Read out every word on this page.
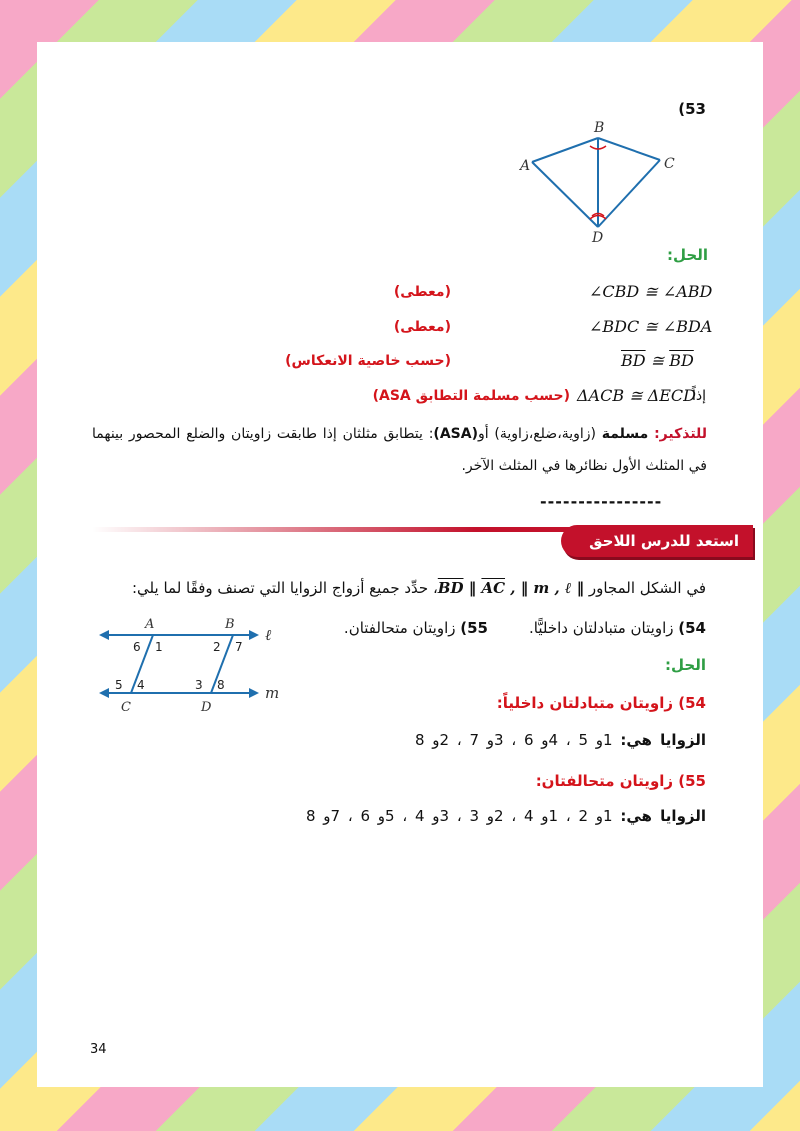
(53
B
A	C
D
الحل:
∠CBD ≅ ∠ABD
(معطى)
∠BDC ≅ ∠BDA
(معطى)
$\overline{BD}$ ≅ $\overline{BD}$
(حسب خاصية الانعكاس)
إذاً
ΔACB ≅ ΔECD
(حسب مسلمة التطابق ASA)
للتذكير: مسلمة (زاوية،ضلع،زاوية) أو(ASA): يتطابق مثلثان إذا طابقت زاويتان والضلع المحصور بينهما في المثلث الأول نظائرها في المثلث الآخر.
----------------
استعد للدرس اللاحق
في الشكل المجاور $\overline{BD}$ ‖ $\overline{AC}$ , ‖ m , ℓ ‖، حدِّد جميع أزواج الزوايا التي تصنف وفقًا لما يلي:
54) زاويتان متبادلتان داخليًّا.
55) زاويتان متحالفتان.
A	B
C	D
ℓ
m
6 1	2 7
5 4	3 8
الحل:
54) زاويتان متبادلتان داخلياً:
الزوايا هي: 1و 5 ، 4و 6 ، 3و 7 ، 2و 8
55) زاويتان متحالفتان:
الزوايا هي: 1و 2 ، 1و 4 ، 2و 3 ، 3و 4 ، 5و 6 ، 7و 8
34
